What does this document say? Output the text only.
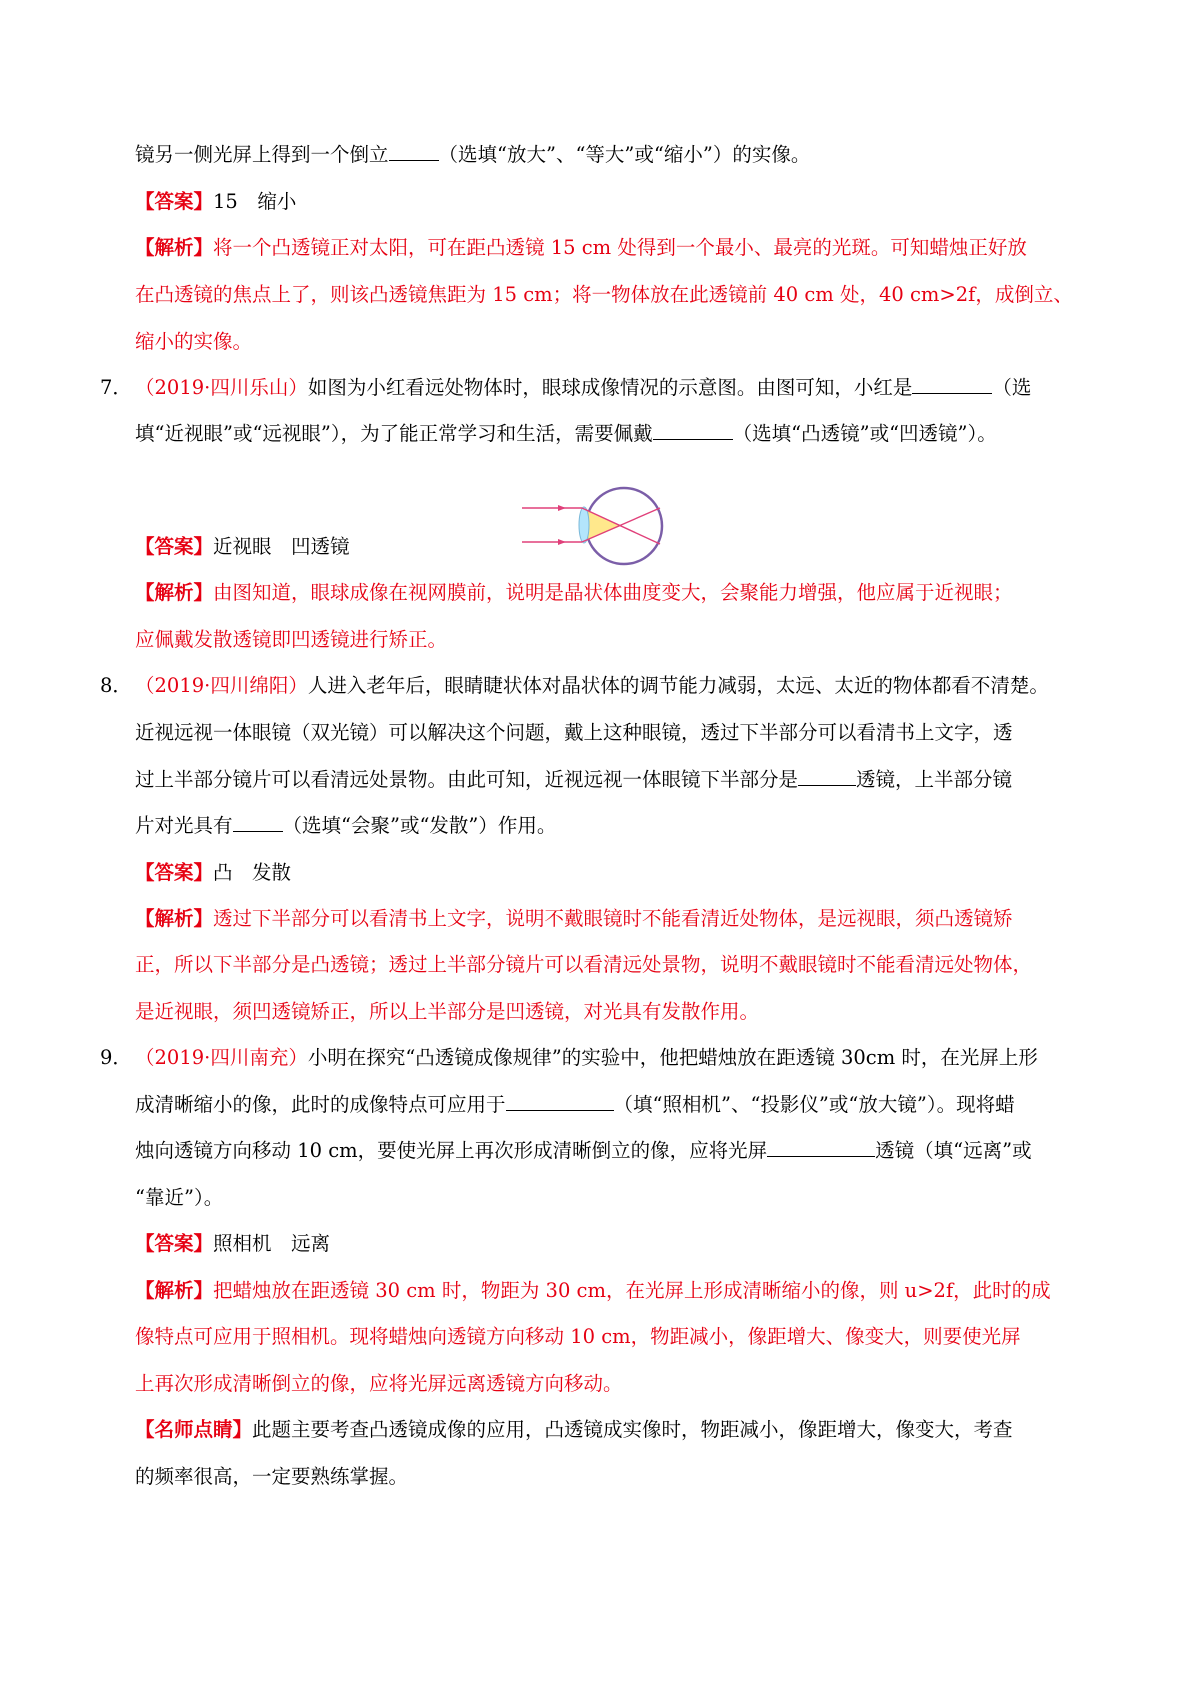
镜另一侧光屏上得到一个倒立	（选填“放大”、“等大”或“缩小”）的实像。
【答案】15　缩小
【解析】将一个凸透镜正对太阳，可在距凸透镜 15 cm 处得到一个最小、最亮的光斑。可知蜡烛正好放
在凸透镜的焦点上了，则该凸透镜焦距为 15 cm；将一物体放在此透镜前 40 cm 处，40 cm>2f，成倒立、
缩小的实像。
7． （2019·四川乐山）如图为小红看远处物体时，眼球成像情况的示意图。由图可知，小红是	（选
填“近视眼”或“远视眼”），为了能正常学习和生活，需要佩戴	（选填“凸透镜”或“凹透镜”）。
【答案】近视眼　凹透镜
【解析】由图知道，眼球成像在视网膜前，说明是晶状体曲度变大，会聚能力增强，他应属于近视眼；
应佩戴发散透镜即凹透镜进行矫正。
8． （2019·四川绵阳）人进入老年后，眼睛睫状体对晶状体的调节能力减弱，太远、太近的物体都看不清楚。
近视远视一体眼镜（双光镜）可以解决这个问题，戴上这种眼镜，透过下半部分可以看清书上文字，透
过上半部分镜片可以看清远处景物。由此可知，近视远视一体眼镜下半部分是	透镜，上半部分镜
片对光具有	（选填“会聚”或“发散”）作用。
【答案】凸　发散
【解析】透过下半部分可以看清书上文字，说明不戴眼镜时不能看清近处物体，是远视眼，须凸透镜矫
正，所以下半部分是凸透镜；透过上半部分镜片可以看清远处景物，说明不戴眼镜时不能看清远处物体，
是近视眼，须凹透镜矫正，所以上半部分是凹透镜，对光具有发散作用。
9． （2019·四川南充）小明在探究“凸透镜成像规律”的实验中，他把蜡烛放在距透镜 30cm 时，在光屏上形
成清晰缩小的像，此时的成像特点可应用于	（填“照相机”、“投影仪”或“放大镜”）。现将蜡
烛向透镜方向移动 10 cm，要使光屏上再次形成清晰倒立的像，应将光屏	透镜（填“远离”或
“靠近”）。
【答案】照相机　远离
【解析】把蜡烛放在距透镜 30 cm 时，物距为 30 cm，在光屏上形成清晰缩小的像，则 u>2f，此时的成
像特点可应用于照相机。现将蜡烛向透镜方向移动 10 cm，物距减小，像距增大、像变大，则要使光屏
上再次形成清晰倒立的像，应将光屏远离透镜方向移动。
【名师点睛】此题主要考查凸透镜成像的应用，凸透镜成实像时，物距减小，像距增大，像变大，考查
的频率很高，一定要熟练掌握。
